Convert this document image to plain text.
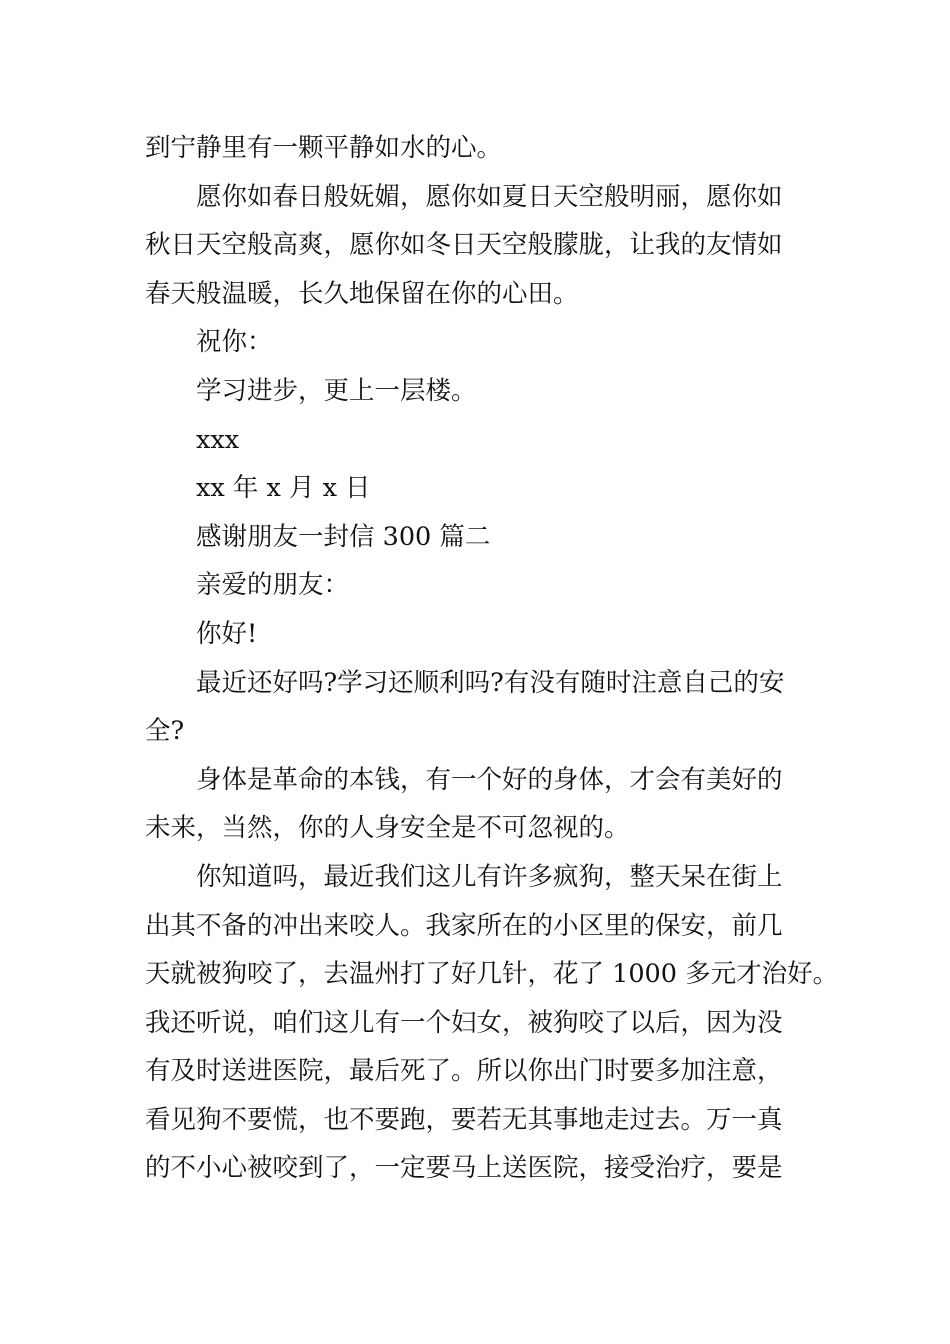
到宁静里有一颗平静如水的心。
愿你如春日般妩媚，愿你如夏日天空般明丽，愿你如
秋日天空般高爽，愿你如冬日天空般朦胧，让我的友情如
春天般温暖，长久地保留在你的心田。
祝你：
学习进步，更上一层楼。
xxx
xx 年 x 月 x 日
感谢朋友一封信 300 篇二
亲爱的朋友：
你好!
最近还好吗?学习还顺利吗?有没有随时注意自己的安
全?
身体是革命的本钱，有一个好的身体，才会有美好的
未来，当然，你的人身安全是不可忽视的。
你知道吗，最近我们这儿有许多疯狗，整天呆在街上
出其不备的冲出来咬人。我家所在的小区里的保安，前几
天就被狗咬了，去温州打了好几针，花了 1000 多元才治好。
我还听说，咱们这儿有一个妇女，被狗咬了以后，因为没
有及时送进医院，最后死了。所以你出门时要多加注意，
看见狗不要慌，也不要跑，要若无其事地走过去。万一真
的不小心被咬到了，一定要马上送医院，接受治疗，要是
